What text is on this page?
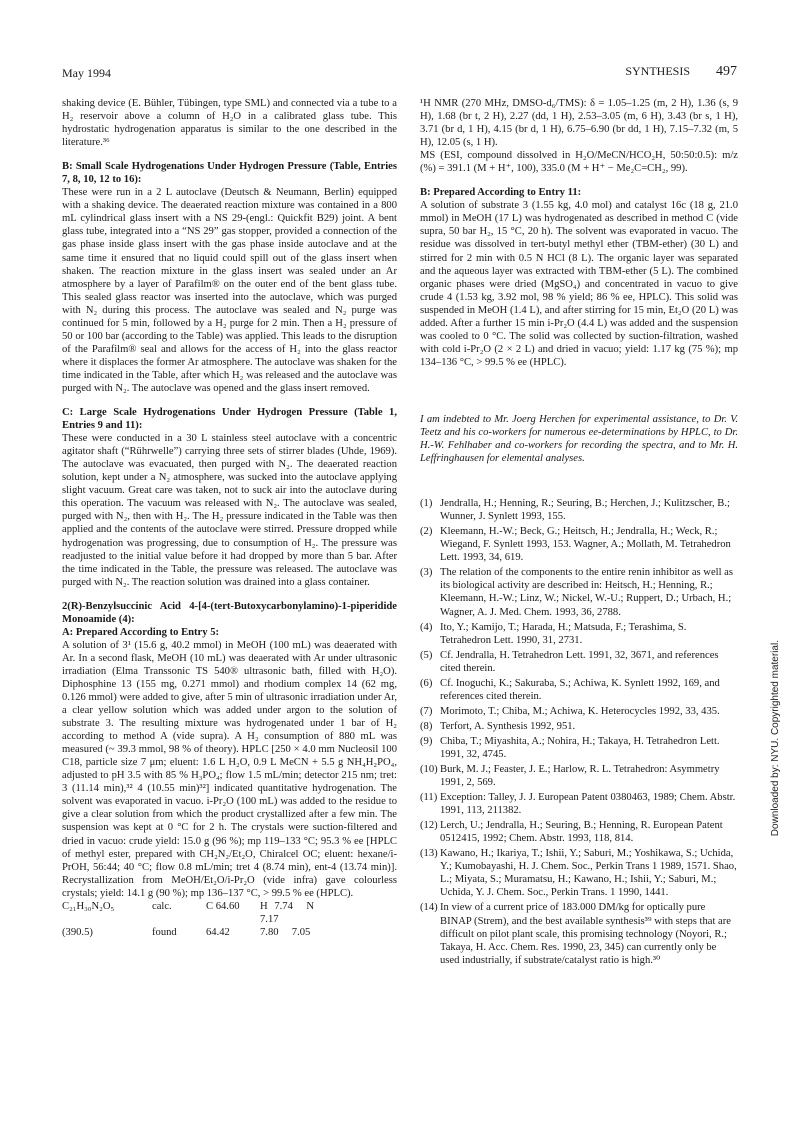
May 1994	SYNTHESIS 497

shaking device (E. Bühler, Tübingen, type SML) and connected via a tube to a H₂ reservoir above a column of H₂O in a calibrated glass tube. This hydrostatic hydrogenation apparatus is similar to the one described in the literature.³⁶

B: Small Scale Hydrogenations Under Hydrogen Pressure (Table, Entries 7, 8, 10, 12 to 16):

These were run in a 2 L autoclave (Deutsch & Neumann, Berlin) equipped with a shaking device. The deaerated reaction mixture was contained in a 800 mL cylindrical glass insert with a NS 29-(engl.: Quickfit B29) joint. A bent glass tube, integrated into a “NS 29” gas stopper, provided a connection of the gas phase inside glass insert with the gas phase inside autoclave and at the same time it ensured that no liquid could spill out of the glass insert when shaken. The reaction mixture in the glass insert was sealed under an Ar atmosphere by a layer of Parafilm® on the outer end of the bent glass tube. This sealed glass reactor was inserted into the autoclave, which was purged with N₂ during this process. The autoclave was sealed and N₂ purge was continued for 5 min, followed by a H₂ purge for 2 min. Then a H₂ pressure of 50 or 100 bar (according to the Table) was applied. This leads to the disruption of the Parafilm® seal and allows for the access of H₂ into the glass reactor where it displaces the former Ar atmosphere. The autoclave was shaken for the time indicated in the Table, after which H₂ was released and the autoclave was purged with N₂. The autoclave was opened and the glass insert removed.

C: Large Scale Hydrogenations Under Hydrogen Pressure (Table 1, Entries 9 and 11):

These were conducted in a 30 L stainless steel autoclave with a concentric agitator shaft (“Rührwelle”) carrying three sets of stirrer blades (Uhde, 1969). The autoclave was evacuated, then purged with N₂. The deaerated reaction solution, kept under a N₂ atmosphere, was sucked into the autoclave applying slight vacuum. Great care was taken, not to suck air into the autoclave during this operation. The vacuum was released with N₂. The autoclave was sealed, purged with N₂, then with H₂. The H₂ pressure indicated in the Table was then applied and the contents of the autoclave were stirred. Pressure dropped while hydrogenation was progressing, due to consumption of H₂. The pressure was readjusted to the initial value before it had dropped by more than 5 bar. After the time indicated in the Table, the pressure was released. The autoclave was purged with N₂. The reaction solution was drained into a glass container.

2(R)-Benzylsuccinic Acid 4-[4-(tert-Butoxycarbonylamino)-1-piperidide Monoamide (4):

A: Prepared According to Entry 5:

A solution of 3¹ (15.6 g, 40.2 mmol) in MeOH (100 mL) was deaerated with Ar. In a second flask, MeOH (10 mL) was deaerated with Ar under ultrasonic irradiation (Elma Transsonic TS 540® ultrasonic bath, filled with H₂O). Diphosphine 13 (155 mg, 0.271 mmol) and rhodium complex 14 (62 mg, 0.126 mmol) were added to give, after 5 min of ultrasonic irradiation under Ar, a clear yellow solution which was added under argon to the solution of substrate 3. The resulting mixture was hydrogenated under 1 bar of H₂ according to method A (vide supra). A H₂ consumption of 880 mL was measured (~ 39.3 mmol, 98 % of theory). HPLC [250 × 4.0 mm Nucleosil 100 C18, particle size 7 μm; eluent: 1.6 L H₂O, 0.9 L MeCN + 5.5 g NH₄H₂PO₄, adjusted to pH 3.5 with 85 % H₃PO₄; flow 1.5 mL/min; detector 215 nm; tret: 3 (11.14 min),³² 4 (10.55 min)³²] indicated quantitative hydrogenation. The solvent was evaporated in vacuo. i-Pr₂O (100 mL) was added to the residue to give a clear solution from which the product crystallized after a few min. The suspension was kept at 0 °C for 2 h. The crystals were suction-filtered and dried in vacuo: crude yield: 15.0 g (96 %); mp 119–133 °C; 95.3 % ee [HPLC of methyl ester, prepared with CH₂N₂/Et₂O, Chiralcel OC; eluent: hexane/i-PrOH, 56:44; 40 °C; flow 0.8 mL/min; tret 4 (8.74 min), ent-4 (13.74 min)]. Recrystallization from MeOH/Et₂O/i-Pr₂O (vide infra) gave colourless crystals; yield: 14.1 g (90 %); mp 136–137 °C, > 99.5 % ee (HPLC).

C₂₁H₃₀N₂O₅	calc.	C 64.60	H 7.74 N 7.17
(390.5)	found	64.42	7.80 7.05

¹H NMR (270 MHz, DMSO-d₆/TMS): δ = 1.05–1.25 (m, 2 H), 1.36 (s, 9 H), 1.68 (br t, 2 H), 2.27 (dd, 1 H), 2.53–3.05 (m, 6 H), 3.43 (br s, 1 H), 3.71 (br d, 1 H), 4.15 (br d, 1 H), 6.75–6.90 (br dd, 1 H), 7.15–7.32 (m, 5 H), 12.05 (s, 1 H).

MS (ESI, compound dissolved in H₂O/MeCN/HCO₂H, 50:50:0.5): m/z (%) = 391.1 (M + H⁺, 100), 335.0 (M + H⁺ − Me₂C=CH₂, 99).

B: Prepared According to Entry 11:

A solution of substrate 3 (1.55 kg, 4.0 mol) and catalyst 16c (18 g, 21.0 mmol) in MeOH (17 L) was hydrogenated as described in method C (vide supra, 50 bar H₂, 15 °C, 20 h). The solvent was evaporated in vacuo. The residue was dissolved in tert-butyl methyl ether (TBM-ether) (30 L) and stirred for 2 min with 0.5 N HCl (8 L). The organic layer was separated and the aqueous layer was extracted with TBM-ether (5 L). The combined organic phases were dried (MgSO₄) and concentrated in vacuo to give crude 4 (1.53 kg, 3.92 mol, 98 % yield; 86 % ee, HPLC). This solid was suspended in MeOH (1.4 L), and after stirring for 15 min, Et₂O (20 L) was added. After a further 15 min i-Pr₂O (4.4 L) was added and the suspension was cooled to 0 °C. The solid was collected by suction-filtration, washed with cold i-Pr₂O (2 × 2 L) and dried in vacuo; yield: 1.17 kg (75 %); mp 134–136 °C, > 99.5 % ee (HPLC).

I am indebted to Mr. Joerg Herchen for experimental assistance, to Dr. V. Teetz and his co-workers for numerous ee-determinations by HPLC, to Dr. H.-W. Fehlhaber and co-workers for recording the spectra, and to Mr. H. Leffringhausen for elemental analyses.

(1) Jendralla, H.; Henning, R.; Seuring, B.; Herchen, J.; Kulitzscher, B.; Wunner, J. Synlett 1993, 155.
(2) Kleemann, H.-W.; Beck, G.; Heitsch, H.; Jendralla, H.; Weck, R.; Wiegand, F. Synlett 1993, 153. Wagner, A.; Mollath, M. Tetrahedron Lett. 1993, 34, 619.
(3) The relation of the components to the entire renin inhibitor as well as its biological activity are described in: Heitsch, H.; Henning, R.; Kleemann, H.-W.; Linz, W.; Nickel, W.-U.; Ruppert, D.; Urbach, H.; Wagner, A. J. Med. Chem. 1993, 36, 2788.
(4) Ito, Y.; Kamijo, T.; Harada, H.; Matsuda, F.; Terashima, S. Tetrahedron Lett. 1990, 31, 2731.
(5) Cf. Jendralla, H. Tetrahedron Lett. 1991, 32, 3671, and references cited therein.
(6) Cf. Inoguchi, K.; Sakuraba, S.; Achiwa, K. Synlett 1992, 169, and references cited therein.
(7) Morimoto, T.; Chiba, M.; Achiwa, K. Heterocycles 1992, 33, 435.
(8) Terfort, A. Synthesis 1992, 951.
(9) Chiba, T.; Miyashita, A.; Nohira, H.; Takaya, H. Tetrahedron Lett. 1991, 32, 4745.
(10) Burk, M. J.; Feaster, J. E.; Harlow, R. L. Tetrahedron: Asymmetry 1991, 2, 569.
(11) Exception: Talley, J. J. European Patent 0380463, 1989; Chem. Abstr. 1991, 113, 211382.
(12) Lerch, U.; Jendralla, H.; Seuring, B.; Henning, R. European Patent 0512415, 1992; Chem. Abstr. 1993, 118, 814.
(13) Kawano, H.; Ikariya, T.; Ishii, Y.; Saburi, M.; Yoshikawa, S.; Uchida, Y.; Kumobayashi, H. J. Chem. Soc., Perkin Trans 1 1989, 1571. Shao, L.; Miyata, S.; Muramatsu, H.; Kawano, H.; Ishii, Y.; Saburi, M.; Uchida, Y. J. Chem. Soc., Perkin Trans. 1 1990, 1441.
(14) In view of a current price of 183.000 DM/kg for optically pure BINAP (Strem), and the best available synthesis³⁹ with steps that are difficult on pilot plant scale, this promising technology (Noyori, R.; Takaya, H. Acc. Chem. Res. 1990, 23, 345) can currently only be used industrially, if substrate/catalyst ratio is high.³⁰
Downloaded by: NYU. Copyrighted material.
